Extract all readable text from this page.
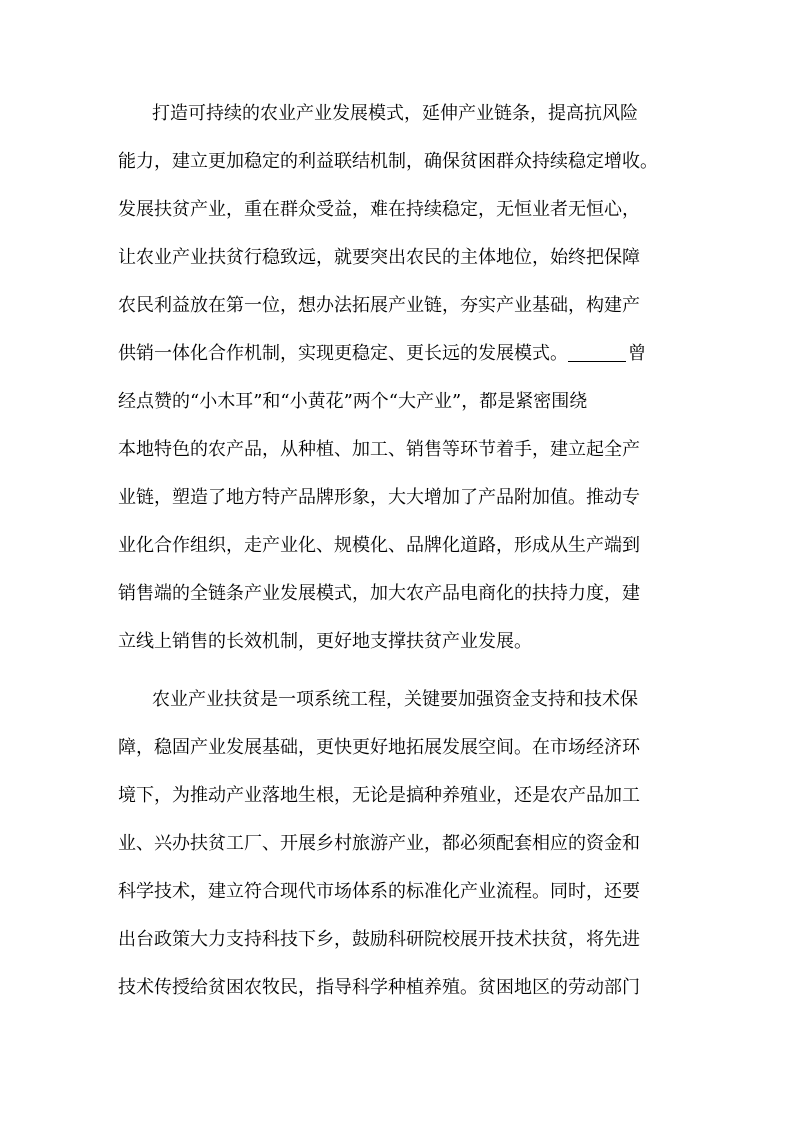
打造可持续的农业产业发展模式，延伸产业链条，提高抗风险
能力，建立更加稳定的利益联结机制，确保贫困群众持续稳定增收。
发展扶贫产业，重在群众受益，难在持续稳定，无恒业者无恒心，
让农业产业扶贫行稳致远，就要突出农民的主体地位，始终把保障
农民利益放在第一位，想办法拓展产业链，夯实产业基础，构建产
供销一体化合作机制，实现更稳定、更长远的发展模式。	曾
经点赞的“小木耳”和“小黄花”两个“大产业”，都是紧密围绕
本地特色的农产品，从种植、加工、销售等环节着手，建立起全产
业链，塑造了地方特产品牌形象，大大增加了产品附加值。推动专
业化合作组织，走产业化、规模化、品牌化道路，形成从生产端到
销售端的全链条产业发展模式，加大农产品电商化的扶持力度，建
立线上销售的长效机制，更好地支撑扶贫产业发展。
农业产业扶贫是一项系统工程，关键要加强资金支持和技术保
障，稳固产业发展基础，更快更好地拓展发展空间。在市场经济环
境下，为推动产业落地生根，无论是搞种养殖业，还是农产品加工
业、兴办扶贫工厂、开展乡村旅游产业，都必须配套相应的资金和
科学技术，建立符合现代市场体系的标准化产业流程。同时，还要
出台政策大力支持科技下乡，鼓励科研院校展开技术扶贫，将先进
技术传授给贫困农牧民，指导科学种植养殖。贫困地区的劳动部门
